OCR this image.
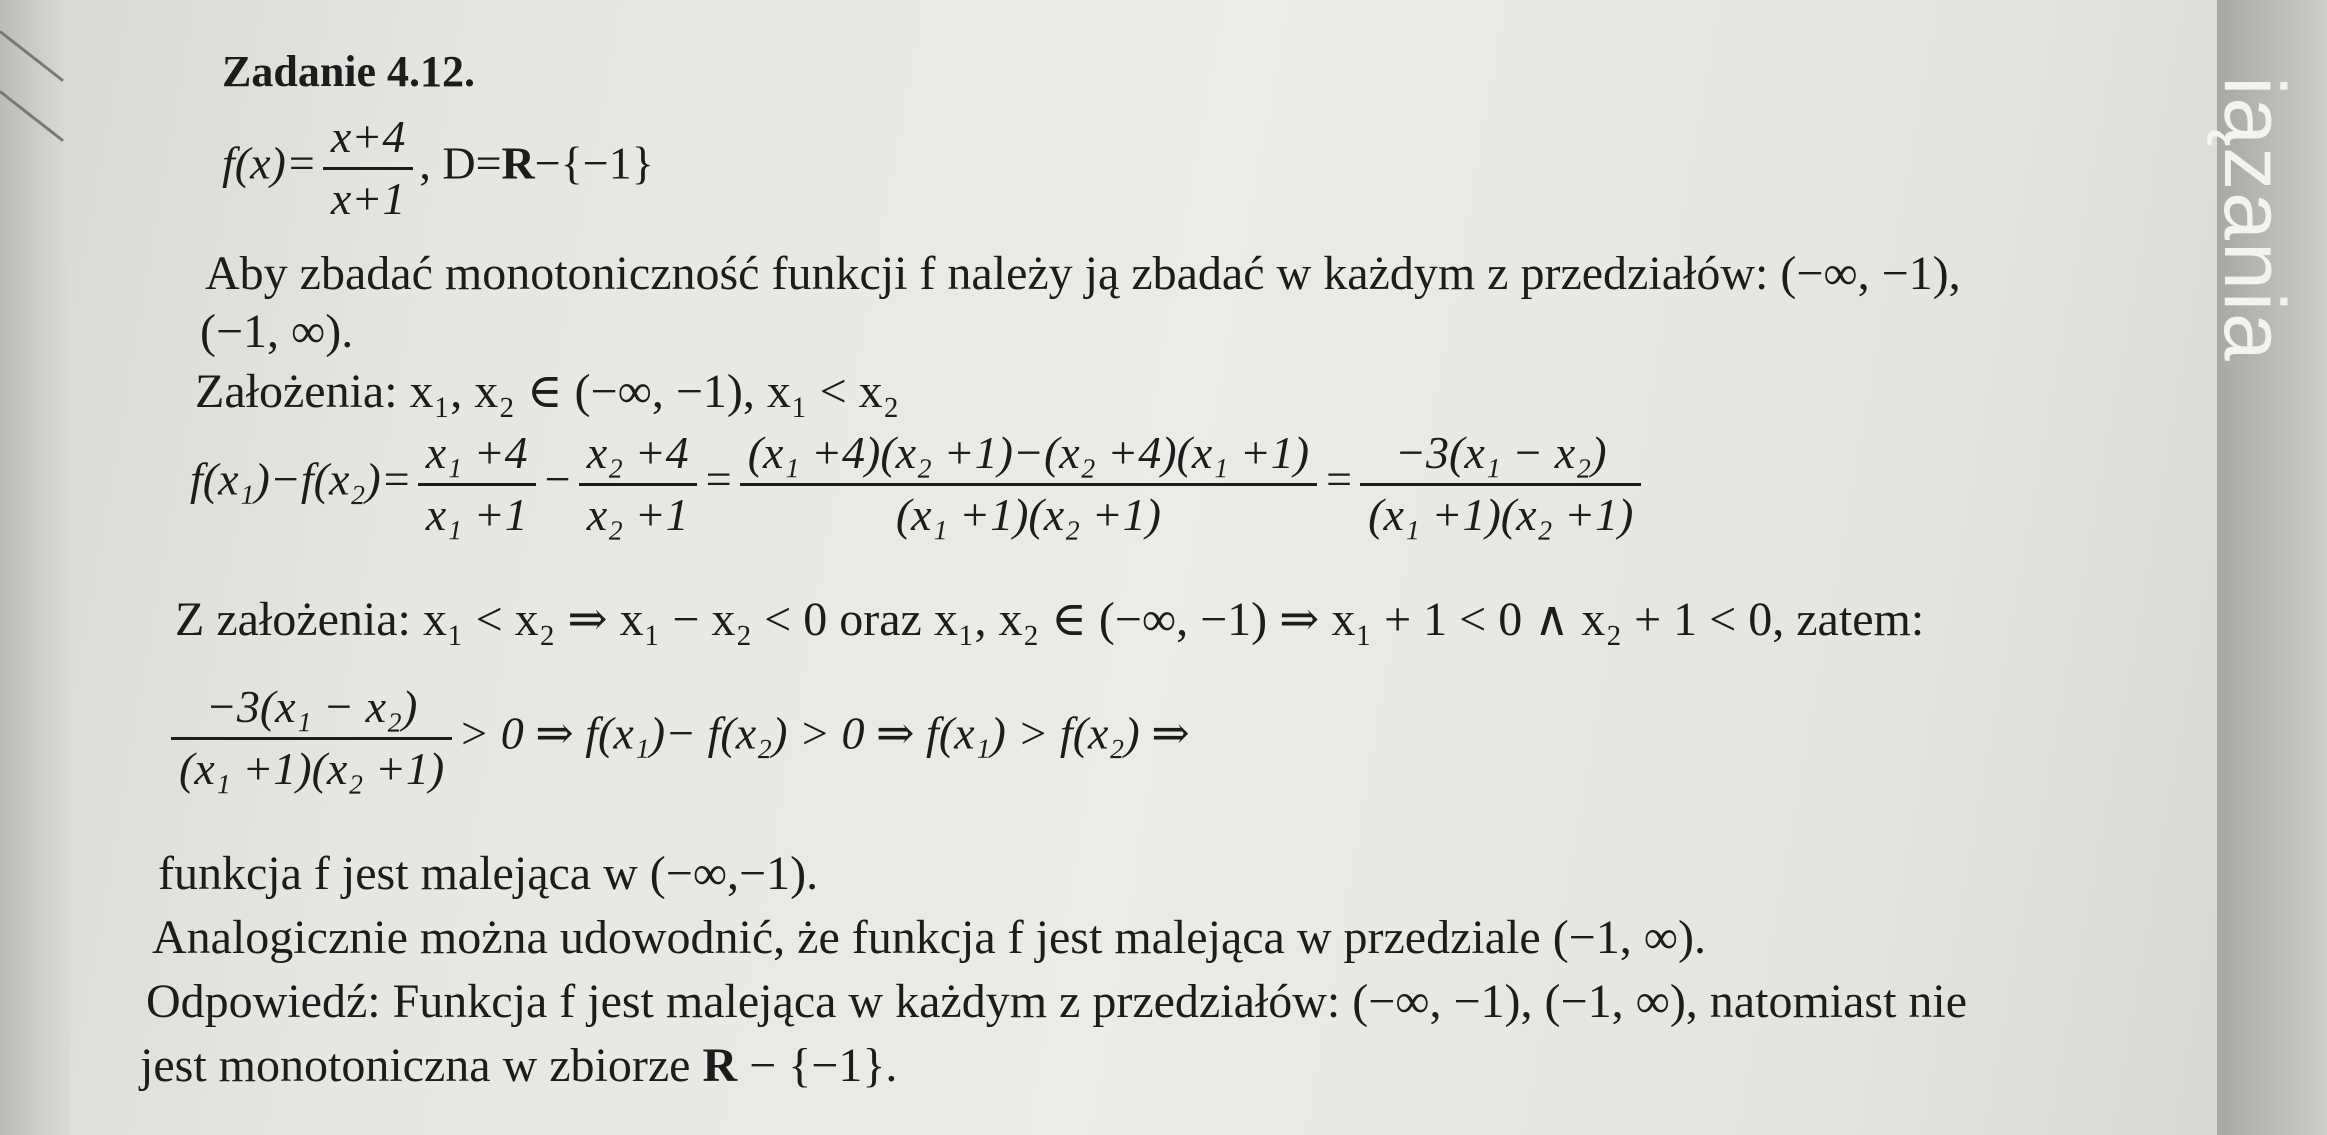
iązania
Zadanie 4.12.
$f(x)= \frac{x+4}{x+1}$ , D=R−{−1}
Aby zbadać monotoniczność funkcji f należy ją zbadać w każdym z przedziałów: (−∞, −1),
(−1, ∞).
Założenia: x₁, x₂ ∈ (−∞, −1), x₁ < x₂
$f(x_1)-f(x_2)= \frac{\text{x₁ +4}}{\text{x₁ +1}} - \frac{\text{x₂ +4}}{\text{x₂ +1}} = \frac{\text{(x₁ +4)(x₂ +1)−(x₂ +4)(x₁ +1)}}{\text{(x₁ +1)(x₂ +1)}} = \frac{\text{−3(x₁ − x₂)}}{\text{(x₁ +1)(x₂ +1)}}$
Z założenia: x₁ < x₂ ⇒ x₁ − x₂ < 0 oraz x₁, x₂ ∈ (−∞, −1) ⇒ x₁ + 1 < 0 ∧ x₂ + 1 < 0, zatem:
$\frac{\text{−3(x₁ − x₂)}}{\text{(x₁ +1)(x₂ +1)}} > 0$ ⇒ f(x₁)− f(x₂) > 0 ⇒ f(x₁) > f(x₂) ⇒
funkcja f jest malejąca w (−∞,−1).
Analogicznie można udowodnić, że funkcja f jest malejąca w przedziale (−1, ∞).
Odpowiedź: Funkcja f jest malejąca w każdym z przedziałów: (−∞, −1), (−1, ∞), natomiast nie
jest monotoniczna w zbiorze R − {−1}.
